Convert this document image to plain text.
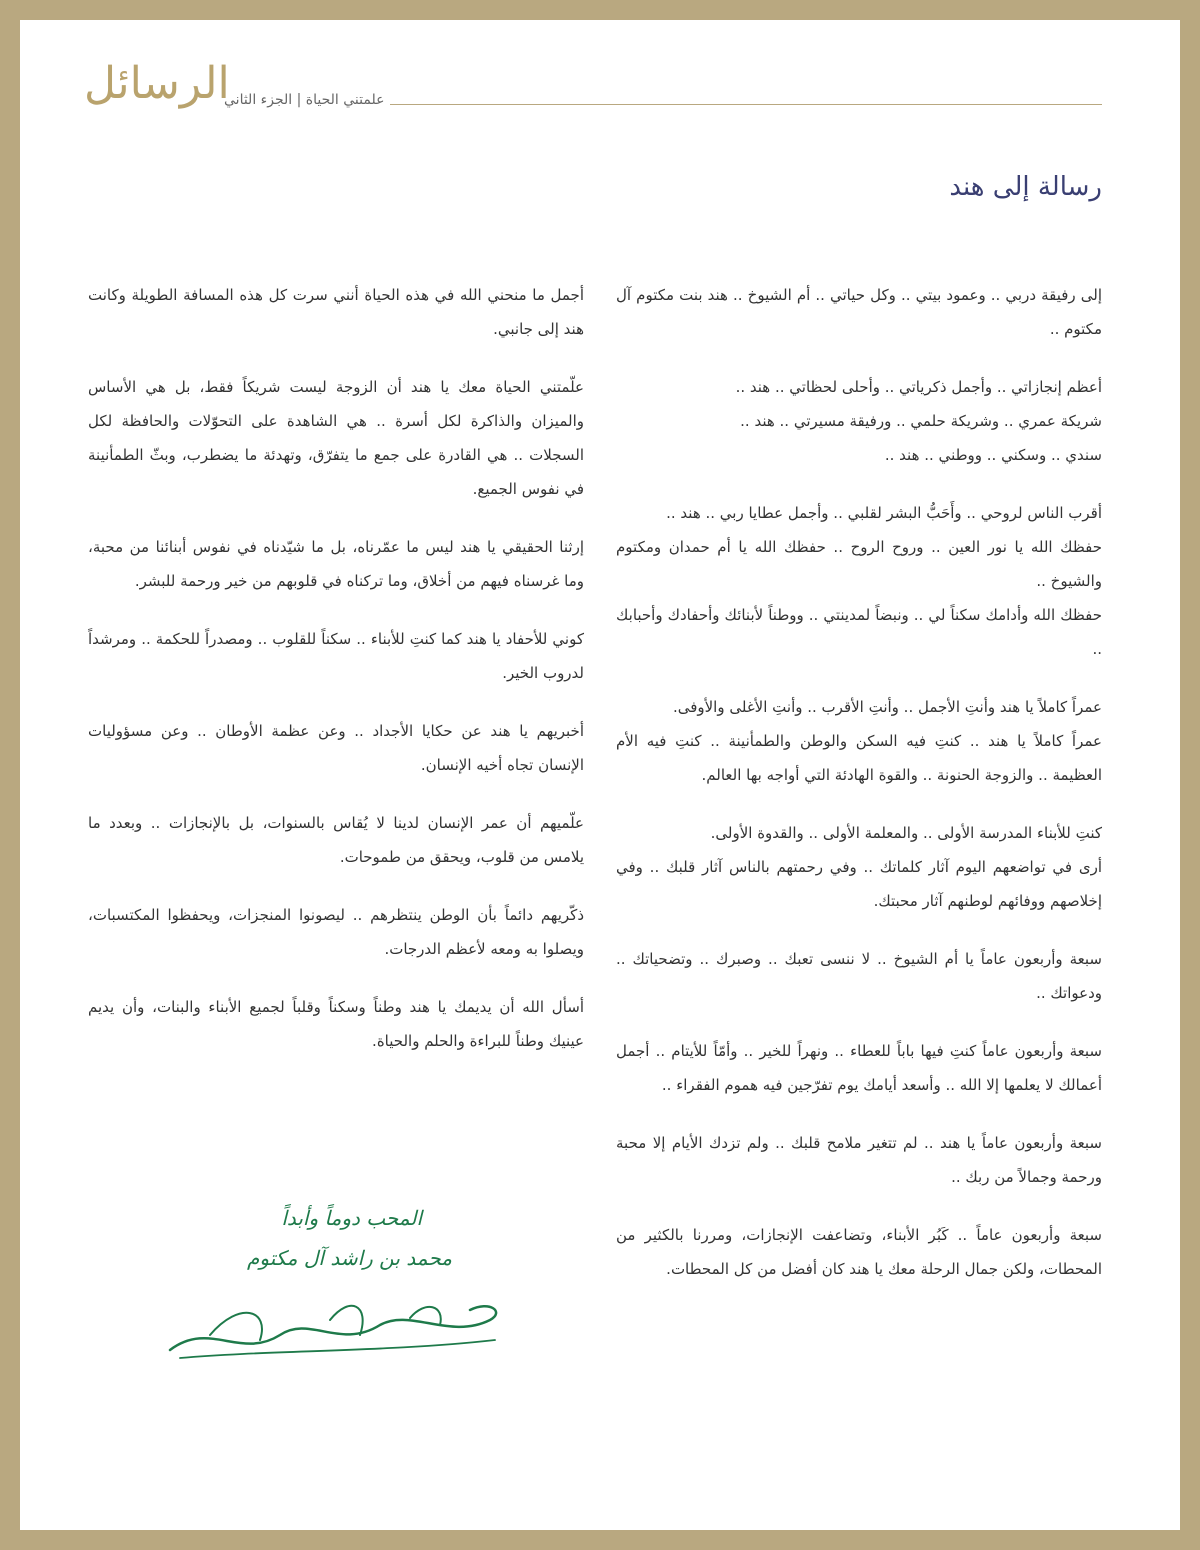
الرسائل
علمتني الحياة | الجزء الثاني
رسالة إلى هند

إلى رفيقة دربي .. وعمود بيتي .. وكل حياتي .. أم الشيوخ .. هند بنت مكتوم آل مكتوم ..

أعظم إنجازاتي .. وأجمل ذكرياتي .. وأحلى لحظاتي .. هند ..

شريكة عمري .. وشريكة حلمي .. ورفيقة مسيرتي .. هند ..

سندي .. وسكني .. ووطني .. هند ..

أقرب الناس لروحي .. وأَحَبُّ البشر لقلبي .. وأجمل عطايا ربي .. هند ..

حفظك الله يا نور العين .. وروح الروح .. حفظك الله يا أم حمدان ومكتوم والشيوخ ..

حفظك الله وأدامك سكناً لي .. ونبضاً لمدينتي .. ووطناً لأبنائك وأحفادك وأحبابك ..

عمراً كاملاً يا هند وأنتِ الأجمل .. وأنتِ الأقرب .. وأنتِ الأغلى والأوفى.

عمراً كاملاً يا هند .. كنتِ فيه السكن والوطن والطمأنينة .. كنتِ فيه الأم العظيمة .. والزوجة الحنونة .. والقوة الهادئة التي أواجه بها العالم.

كنتِ للأبناء المدرسة الأولى .. والمعلمة الأولى .. والقدوة الأولى.

أرى في تواضعهم اليوم آثار كلماتك .. وفي رحمتهم بالناس آثار قلبك .. وفي إخلاصهم ووفائهم لوطنهم آثار محبتك.

سبعة وأربعون عاماً يا أم الشيوخ .. لا ننسى تعبك .. وصبرك .. وتضحياتك .. ودعواتك ..

سبعة وأربعون عاماً كنتِ فيها باباً للعطاء .. ونهراً للخير .. وأمّاً للأيتام .. أجمل أعمالك لا يعلمها إلا الله .. وأسعد أيامك يوم تفرّجين فيه هموم الفقراء ..

سبعة وأربعون عاماً يا هند .. لم تتغير ملامح قلبك .. ولم تزدك الأيام إلا محبة ورحمة وجمالاً من ربك ..

سبعة وأربعون عاماً .. كَبُر الأبناء، وتضاعفت الإنجازات، ومررنا بالكثير من المحطات، ولكن جمال الرحلة معك يا هند كان أفضل من كل المحطات.

أجمل ما منحني الله في هذه الحياة أنني سرت كل هذه المسافة الطويلة وكانت هند إلى جانبي.

علّمتني الحياة معك يا هند أن الزوجة ليست شريكاً فقط، بل هي الأساس والميزان والذاكرة لكل أسرة .. هي الشاهدة على التحوّلات والحافظة لكل السجلات .. هي القادرة على جمع ما يتفرّق، وتهدئة ما يضطرب، وبثّ الطمأنينة في نفوس الجميع.

إرثنا الحقيقي يا هند ليس ما عمّرناه، بل ما شيّدناه في نفوس أبنائنا من محبة، وما غرسناه فيهم من أخلاق، وما تركناه في قلوبهم من خير ورحمة للبشر.

كوني للأحفاد يا هند كما كنتِ للأبناء .. سكناً للقلوب .. ومصدراً للحكمة .. ومرشداً لدروب الخير.

أخبريهم يا هند عن حكايا الأجداد .. وعن عظمة الأوطان .. وعن مسؤوليات الإنسان تجاه أخيه الإنسان.

علّميهم أن عمر الإنسان لدينا لا يُقاس بالسنوات، بل بالإنجازات .. وبعدد ما يلامس من قلوب، ويحقق من طموحات.

ذكّريهم دائماً بأن الوطن ينتظرهم .. ليصونوا المنجزات، ويحفظوا المكتسبات، ويصلوا به ومعه لأعظم الدرجات.

أسأل الله أن يديمك يا هند وطناً وسكناً وقلباً لجميع الأبناء والبنات، وأن يديم عينيك وطناً للبراءة والحلم والحياة.

المحب دوماً وأبداً
محمد بن راشد آل مكتوم
